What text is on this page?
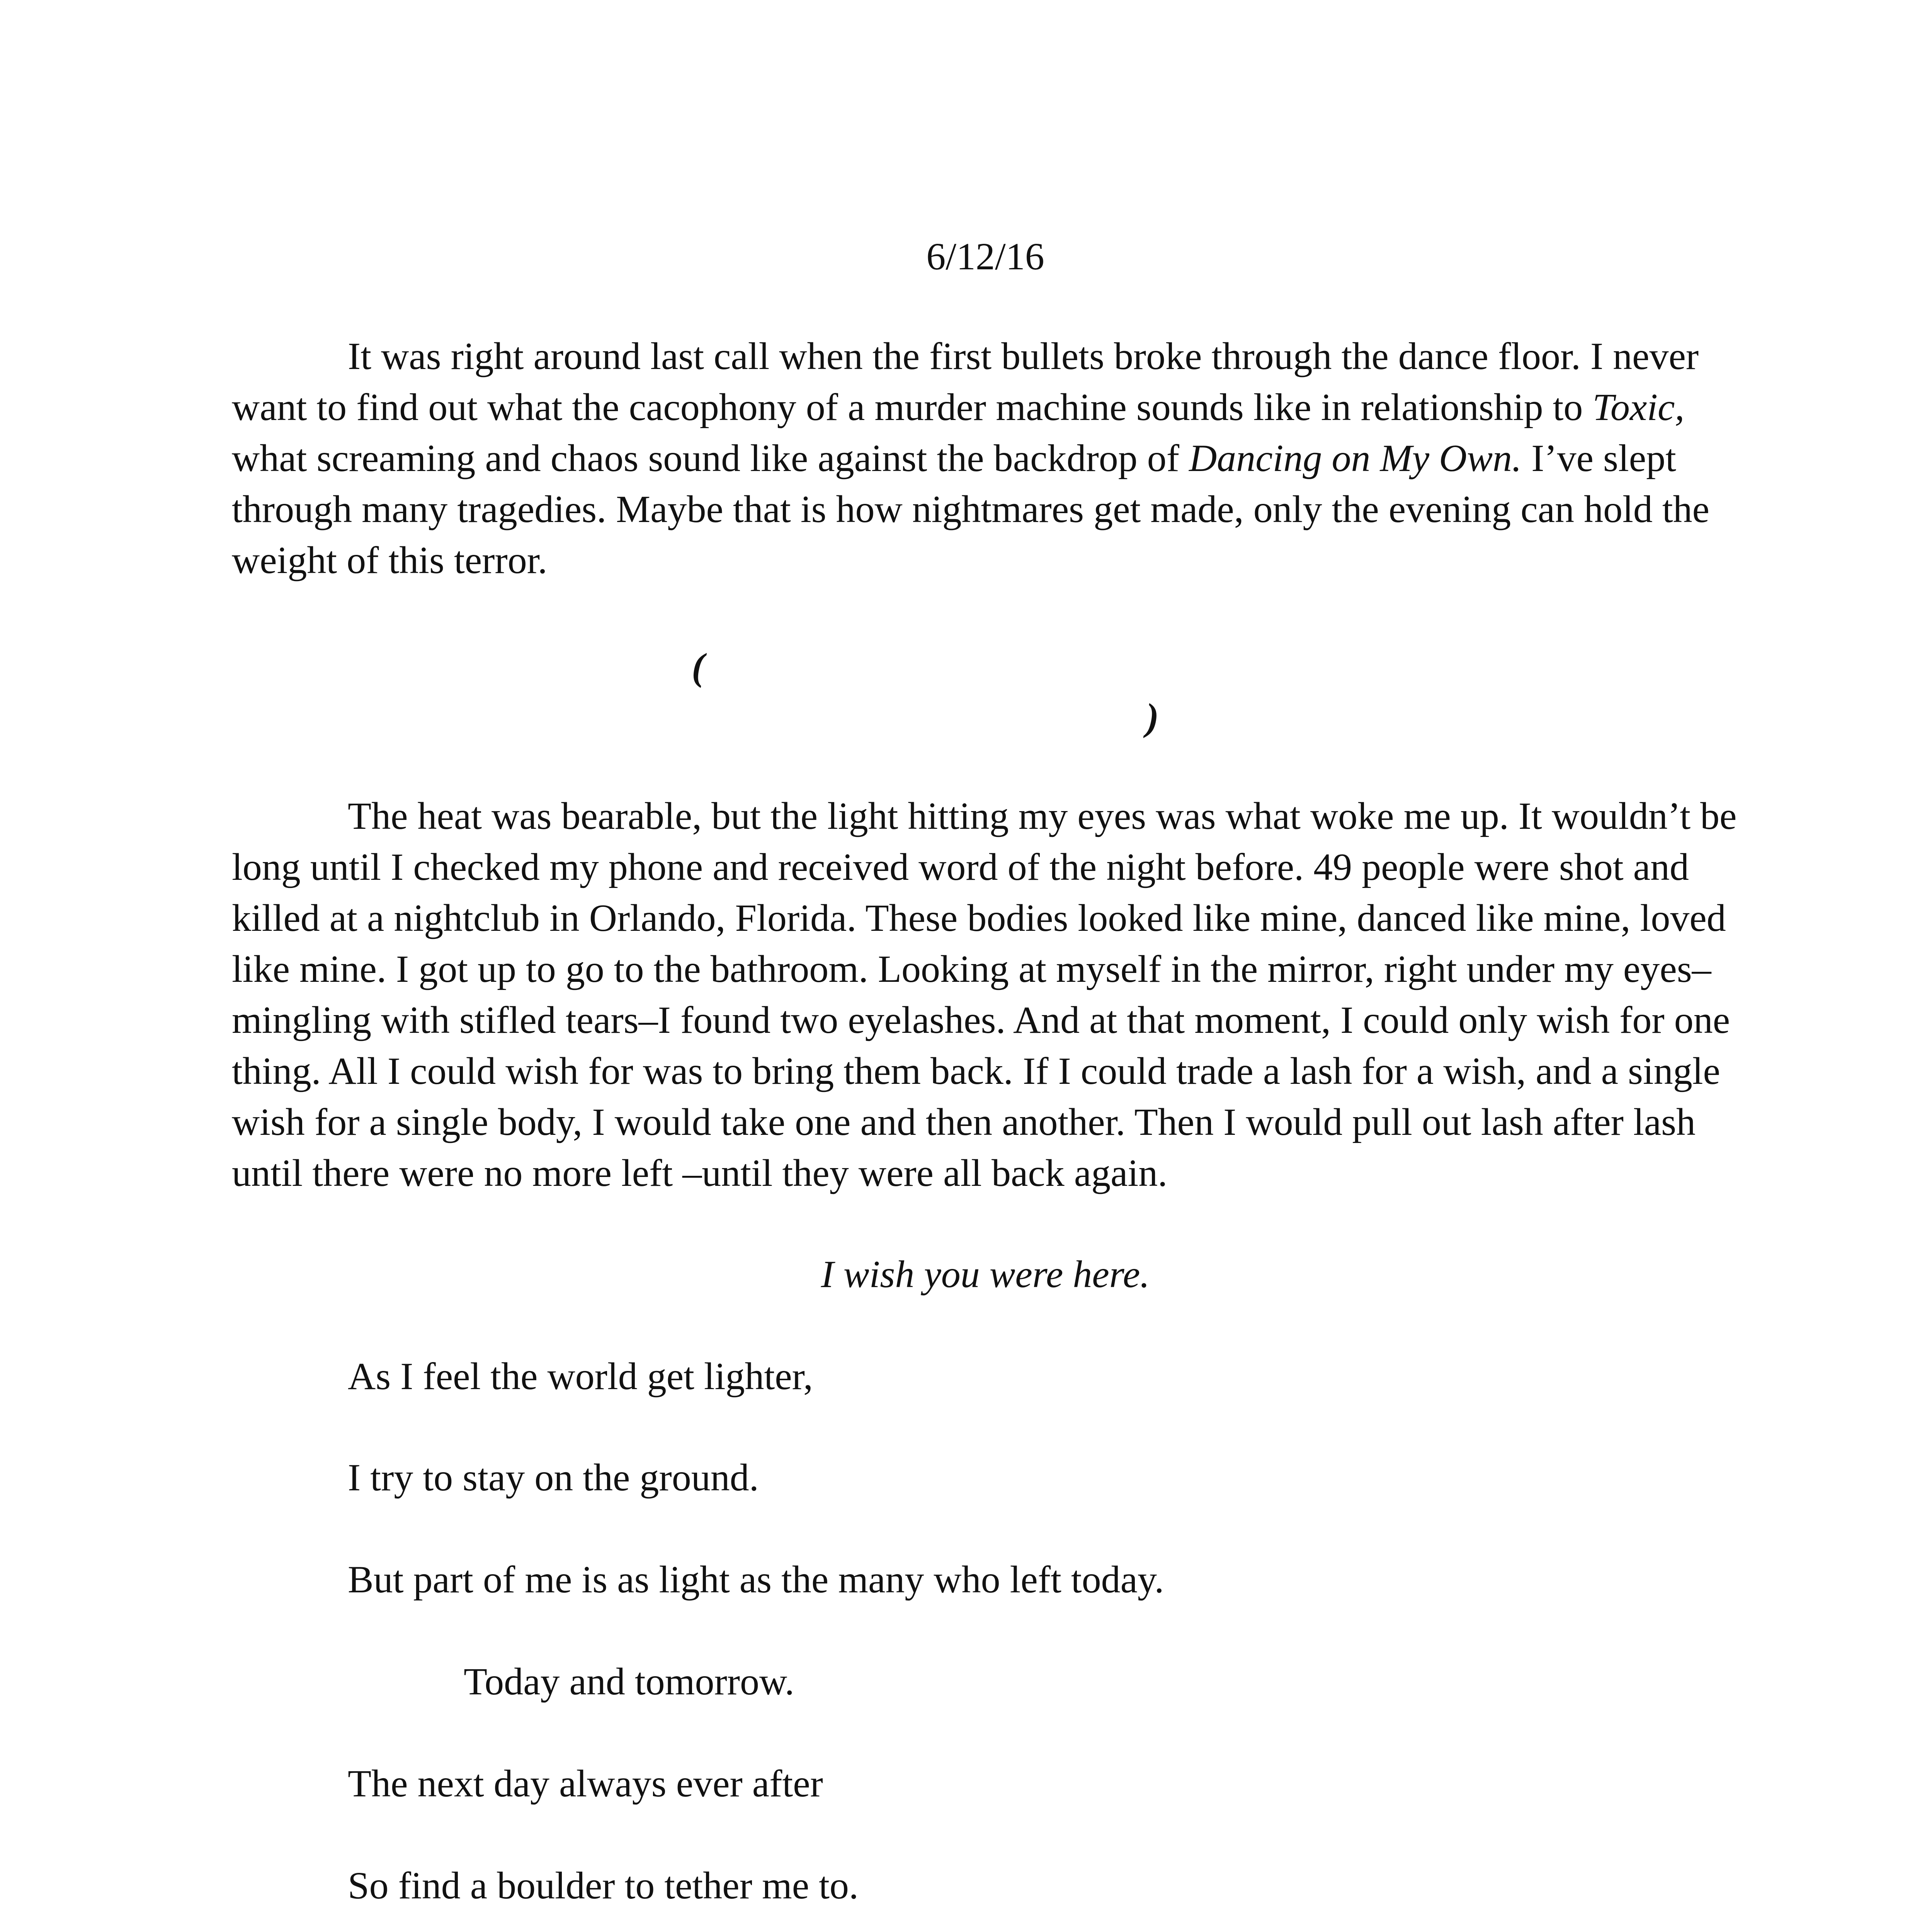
6/12/16

It was right around last call when the first bullets broke through the dance floor. I never want to find out what the cacophony of a murder machine sounds like in relationship to Toxic, what screaming and chaos sound like against the backdrop of Dancing on My Own. I’ve slept through many tragedies. Maybe that is how nightmares get made, only the evening can hold the weight of this terror.

(
)

The heat was bearable, but the light hitting my eyes was what woke me up. It wouldn’t be long until I checked my phone and received word of the night before. 49 people were shot and killed at a nightclub in Orlando, Florida. These bodies looked like mine, danced like mine, loved like mine. I got up to go to the bathroom. Looking at myself in the mirror, right under my eyes–mingling with stifled tears–I found two eyelashes. And at that moment, I could only wish for one thing. All I could wish for was to bring them back. If I could trade a lash for a wish, and a single wish for a single body, I would take one and then another. Then I would pull out lash after lash until there were no more left –until they were all back again.

I wish you were here.

As I feel the world get lighter,

I try to stay on the ground.

But part of me is as light as the many who left today.

Today and tomorrow.

The next day always ever after

So find a boulder to tether me to.
